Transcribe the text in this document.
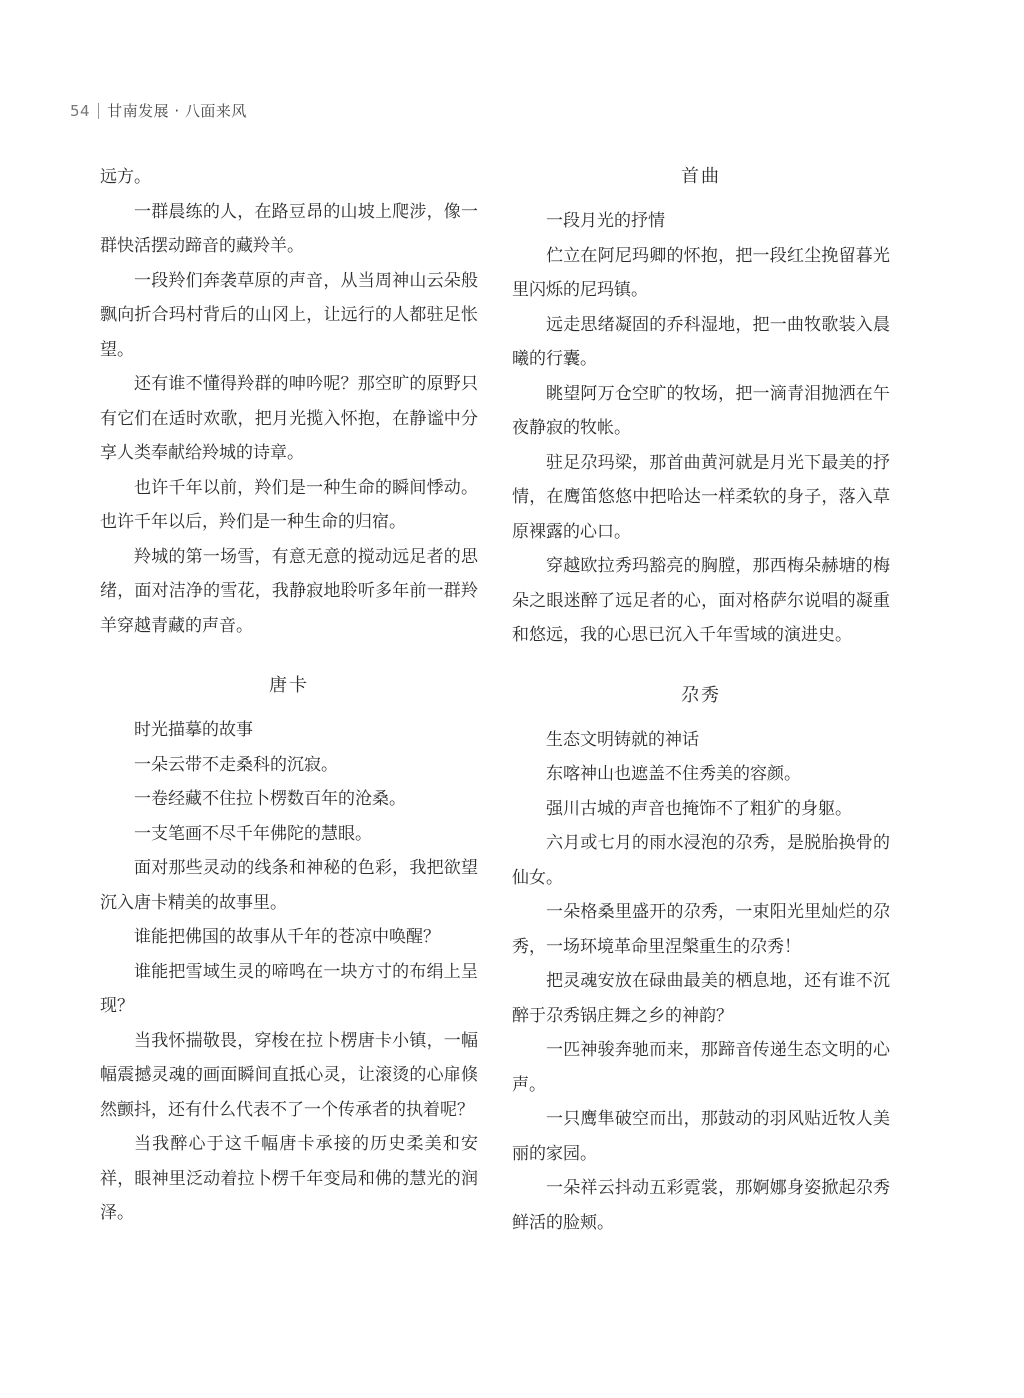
54 甘南发展 · 八面来风

远方。

一群晨练的人，在路豆昂的山坡上爬涉，像一群快活摆动蹄音的藏羚羊。

一段羚们奔袭草原的声音，从当周神山云朵般飘向折合玛村背后的山冈上，让远行的人都驻足怅望。

还有谁不懂得羚群的呻吟呢？那空旷的原野只有它们在适时欢歌，把月光揽入怀抱，在静谧中分享人类奉献给羚城的诗章。

也许千年以前，羚们是一种生命的瞬间悸动。也许千年以后，羚们是一种生命的归宿。

羚城的第一场雪，有意无意的搅动远足者的思绪，面对洁净的雪花，我静寂地聆听多年前一群羚羊穿越青藏的声音。

唐卡

时光描摹的故事

一朵云带不走桑科的沉寂。

一卷经藏不住拉卜楞数百年的沧桑。

一支笔画不尽千年佛陀的慧眼。

面对那些灵动的线条和神秘的色彩，我把欲望沉入唐卡精美的故事里。

谁能把佛国的故事从千年的苍凉中唤醒？

谁能把雪域生灵的啼鸣在一块方寸的布绢上呈现？

当我怀揣敬畏，穿梭在拉卜楞唐卡小镇，一幅幅震撼灵魂的画面瞬间直抵心灵，让滚烫的心扉倏然颤抖，还有什么代表不了一个传承者的执着呢？

当我醉心于这千幅唐卡承接的历史柔美和安祥，眼神里泛动着拉卜楞千年变局和佛的慧光的润泽。

首曲

一段月光的抒情

伫立在阿尼玛卿的怀抱，把一段红尘挽留暮光里闪烁的尼玛镇。

远走思绪凝固的乔科湿地，把一曲牧歌装入晨曦的行囊。

眺望阿万仓空旷的牧场，把一滴青泪抛洒在午夜静寂的牧帐。

驻足尕玛梁，那首曲黄河就是月光下最美的抒情，在鹰笛悠悠中把哈达一样柔软的身子，落入草原裸露的心口。

穿越欧拉秀玛豁亮的胸膛，那西梅朵赫塘的梅朵之眼迷醉了远足者的心，面对格萨尔说唱的凝重和悠远，我的心思已沉入千年雪域的演进史。

尕秀

生态文明铸就的神话

东喀神山也遮盖不住秀美的容颜。

强川古城的声音也掩饰不了粗犷的身躯。

六月或七月的雨水浸泡的尕秀，是脱胎换骨的仙女。

一朵格桑里盛开的尕秀，一束阳光里灿烂的尕秀，一场环境革命里涅槃重生的尕秀！

把灵魂安放在碌曲最美的栖息地，还有谁不沉醉于尕秀锅庄舞之乡的神韵？

一匹神骏奔驰而来，那蹄音传递生态文明的心声。

一只鹰隼破空而出，那鼓动的羽风贴近牧人美丽的家园。

一朵祥云抖动五彩霓裳，那婀娜身姿掀起尕秀鲜活的脸颊。
